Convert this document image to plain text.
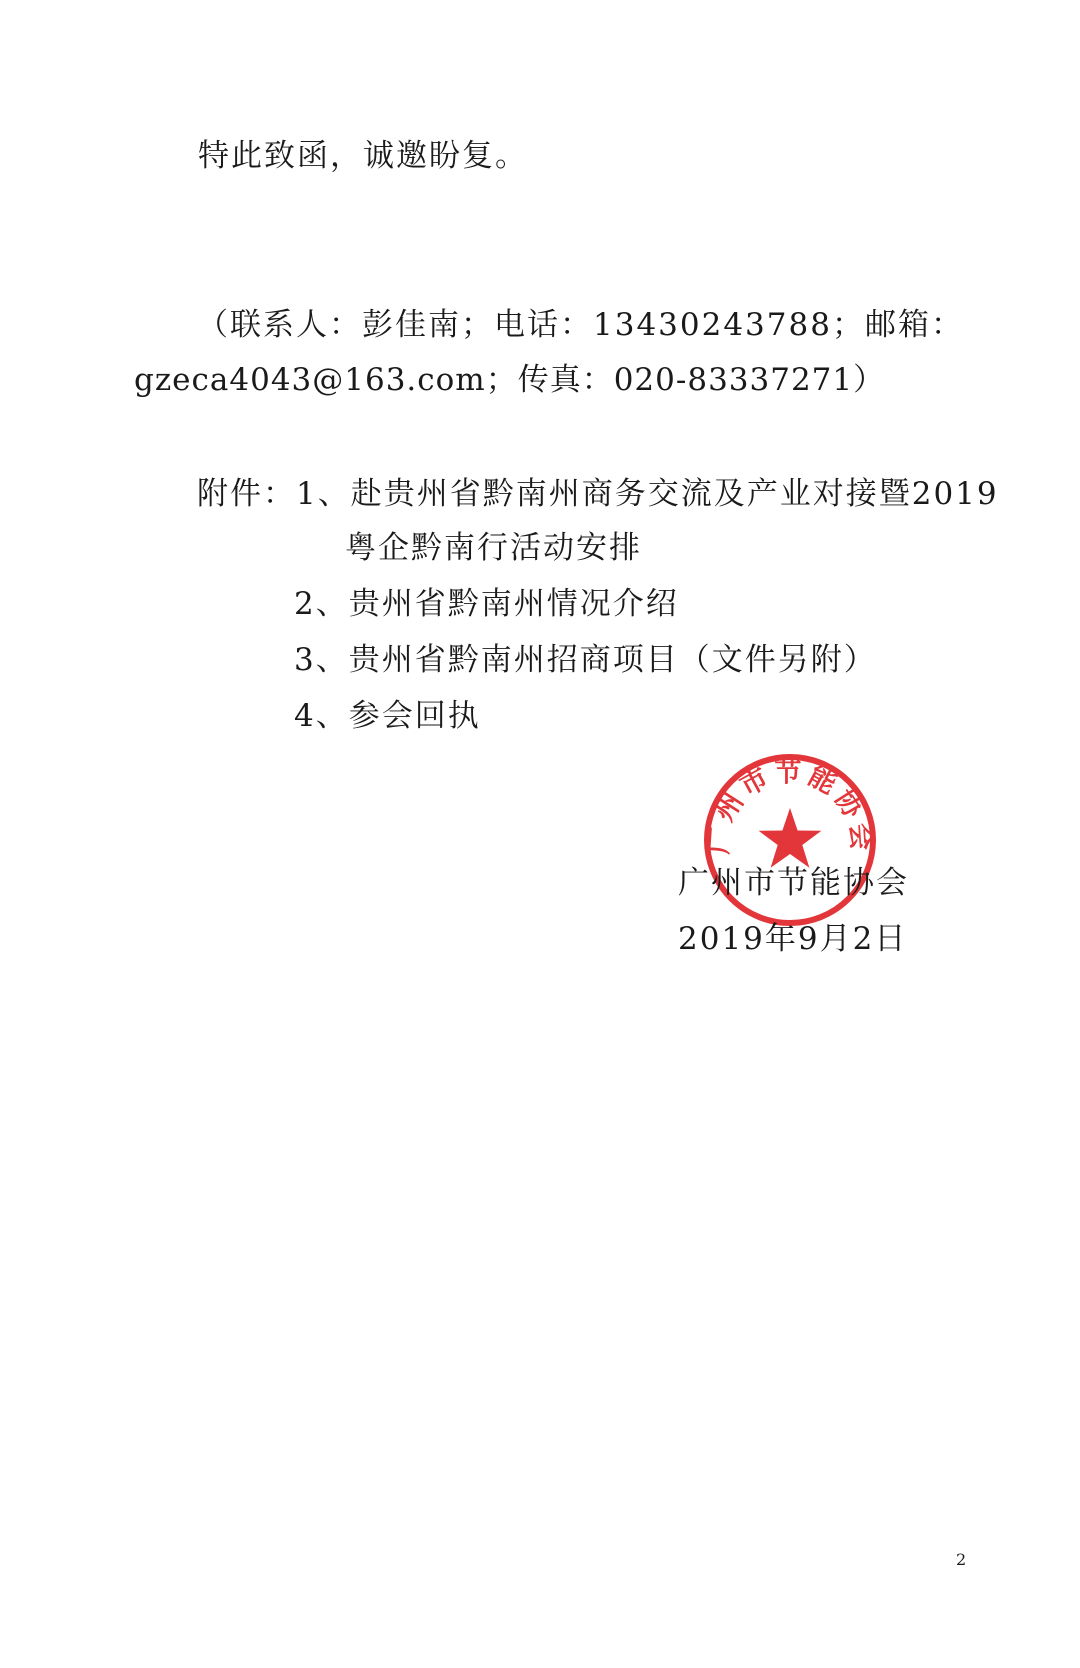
特此致函，诚邀盼复。
（联系人：彭佳南；电话：13430243788；邮箱：
gzeca4043@163.com；传真：020-83337271）
附件：1、赴贵州省黔南州商务交流及产业对接暨2019
粤企黔南行活动安排
2、贵州省黔南州情况介绍
3、贵州省黔南州招商项目（文件另附）
4、参会回执
广州市节能协会
广州市节能协会
2019年9月2日
2
